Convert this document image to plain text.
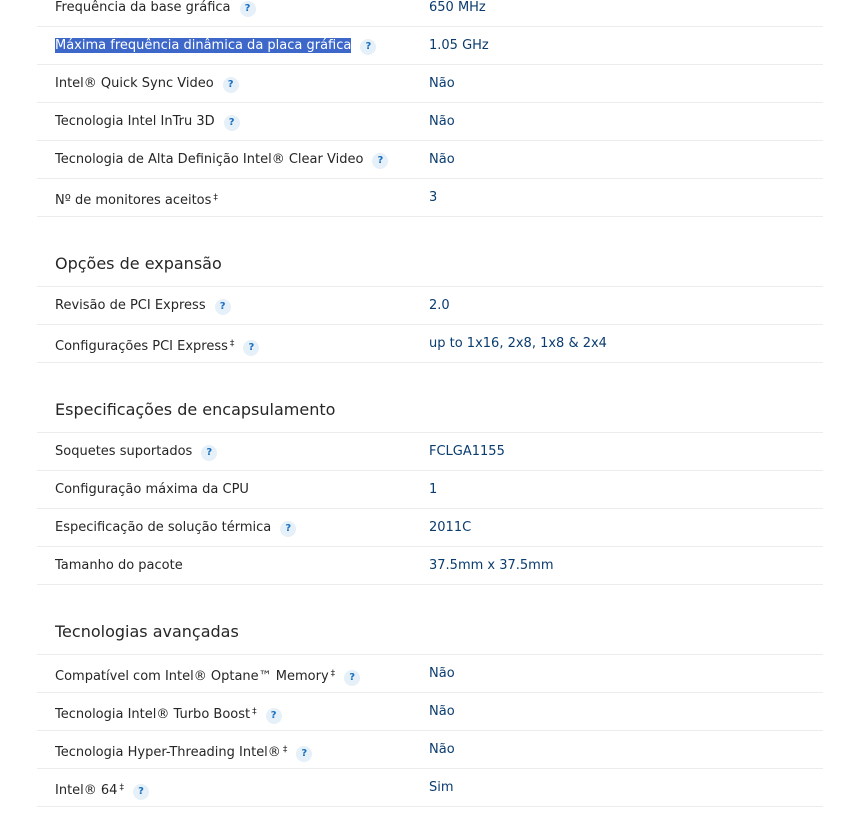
Frequência da base gráfica ?	650 MHz
Máxima frequência dinâmica da placa gráfica ?	1.05 GHz
Intel® Quick Sync Video ?	Não
Tecnologia Intel InTru 3D ?	Não
Tecnologia de Alta Definição Intel® Clear Video ?	Não
Nº de monitores aceitos ‡	3
Opções de expansão
Revisão de PCI Express ?	2.0
Configurações PCI Express ‡ ?	up to 1x16, 2x8, 1x8 & 2x4
Especificações de encapsulamento
Soquetes suportados ?	FCLGA1155
Configuração máxima da CPU	1
Especificação de solução térmica ?	2011C
Tamanho do pacote	37.5mm x 37.5mm
Tecnologias avançadas
Compatível com Intel® Optane™ Memory ‡ ?	Não
Tecnologia Intel® Turbo Boost ‡ ?	Não
Tecnologia Hyper-Threading Intel® ‡ ?	Não
Intel® 64 ‡ ?	Sim
